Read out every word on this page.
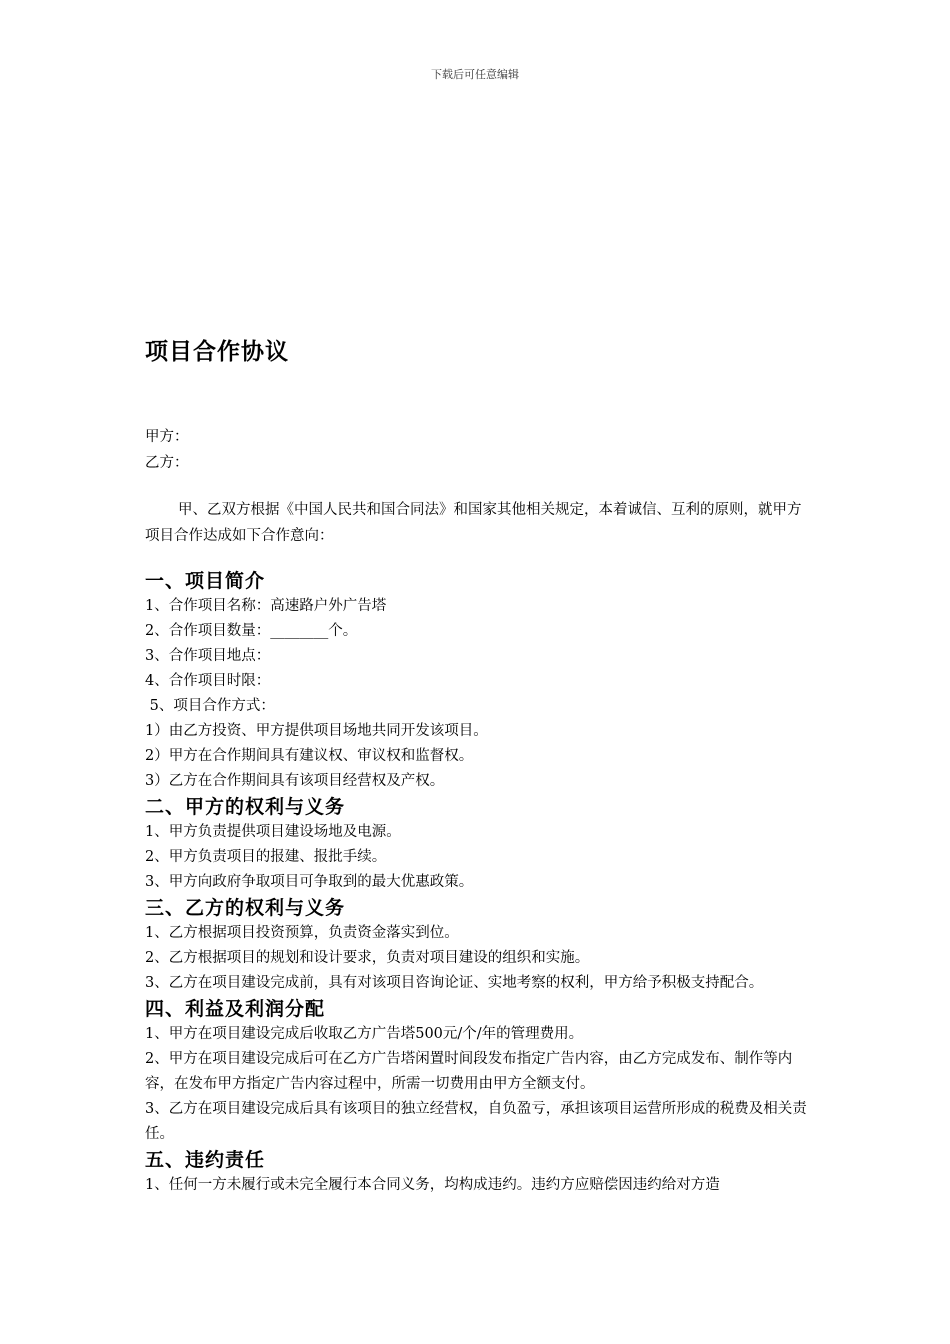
下载后可任意编辑
项目合作协议
甲方：
乙方：
甲、乙双方根据《中国人民共和国合同法》和国家其他相关规定，本着诚信、互利的原则，就甲方项目合作达成如下合作意向：
一、项目简介
1、合作项目名称：高速路户外广告塔
2、合作项目数量：________个。
3、合作项目地点：
4、合作项目时限：
5、项目合作方式：
1）由乙方投资、甲方提供项目场地共同开发该项目。
2）甲方在合作期间具有建议权、审议权和监督权。
3）乙方在合作期间具有该项目经营权及产权。
二、甲方的权利与义务
1、甲方负责提供项目建设场地及电源。
2、甲方负责项目的报建、报批手续。
3、甲方向政府争取项目可争取到的最大优惠政策。
三、乙方的权利与义务
1、乙方根据项目投资预算，负责资金落实到位。
2、乙方根据项目的规划和设计要求，负责对项目建设的组织和实施。
3、乙方在项目建设完成前，具有对该项目咨询论证、实地考察的权利，甲方给予积极支持配合。
四、利益及利润分配
1、甲方在项目建设完成后收取乙方广告塔500元/个/年的管理费用。
2、甲方在项目建设完成后可在乙方广告塔闲置时间段发布指定广告内容，由乙方完成发布、制作等内容，在发布甲方指定广告内容过程中，所需一切费用由甲方全额支付。
3、乙方在项目建设完成后具有该项目的独立经营权，自负盈亏，承担该项目运营所形成的税费及相关责任。
五、违约责任
1、任何一方未履行或未完全履行本合同义务，均构成违约。违约方应赔偿因违约给对方造
